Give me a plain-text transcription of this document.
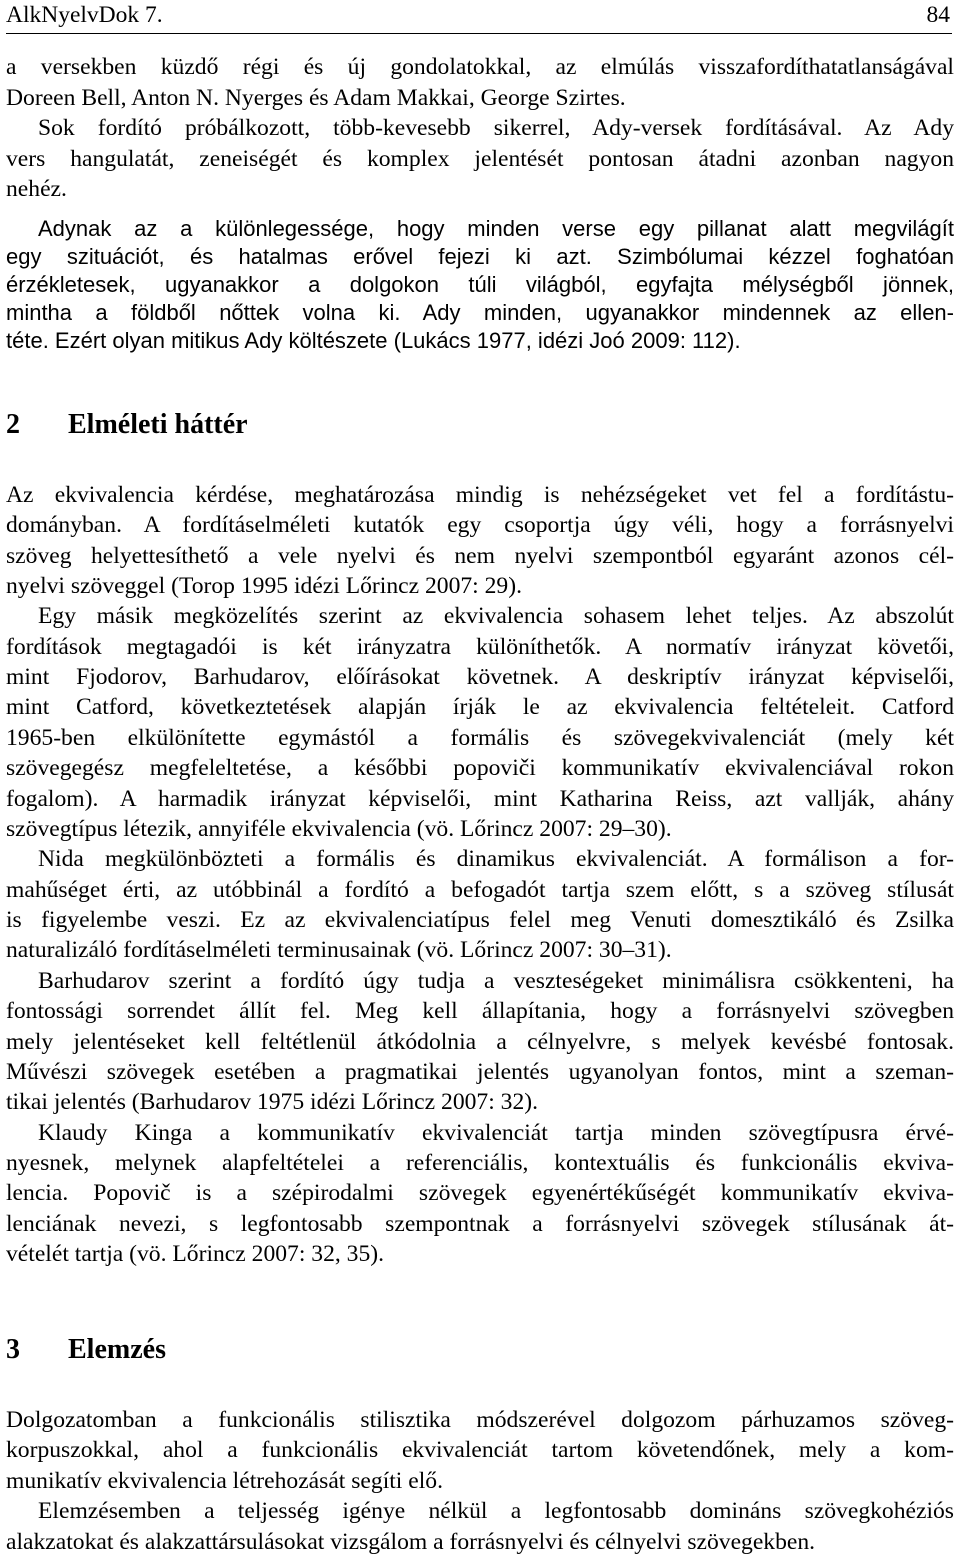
AlkNyelvDok 7.	84
a versekben küzdő régi és új gondolatokkal, az elmúlás visszafordíthatatlanságával
Doreen Bell, Anton N. Nyerges és Adam Makkai, George Szirtes.
Sok fordító próbálkozott, több-kevesebb sikerrel, Ady-versek fordításával. Az Ady
vers hangulatát, zeneiségét és komplex jelentését pontosan átadni azonban nagyon
nehéz.
Adynak az a különlegessége, hogy minden verse egy pillanat alatt megvilágít
egy szituációt, és hatalmas erővel fejezi ki azt. Szimbólumai kézzel foghatóan
érzékletesek, ugyanakkor a dolgokon túli világból, egyfajta mélységből jönnek,
mintha a földből nőttek volna ki. Ady minden, ugyanakkor mindennek az ellen-
téte. Ezért olyan mitikus Ady költészete (Lukács 1977, idézi Joó 2009: 112).
2 Elméleti háttér
Az ekvivalencia kérdése, meghatározása mindig is nehézségeket vet fel a fordítástu-
dományban. A fordításelméleti kutatók egy csoportja úgy véli, hogy a forrásnyelvi
szöveg helyettesíthető a vele nyelvi és nem nyelvi szempontból egyaránt azonos cél-
nyelvi szöveggel (Torop 1995 idézi Lőrincz 2007: 29).
Egy másik megközelítés szerint az ekvivalencia sohasem lehet teljes. Az abszolút
fordítások megtagadói is két irányzatra különíthetők. A normatív irányzat követői,
mint Fjodorov, Barhudarov, előírásokat követnek. A deskriptív irányzat képviselői,
mint Catford, következtetések alapján írják le az ekvivalencia feltételeit. Catford
1965-ben elkülönítette egymástól a formális és szövegekvivalenciát (mely két
szövegegész megfeleltetése, a későbbi popoviči kommunikatív ekvivalenciával rokon
fogalom). A harmadik irányzat képviselői, mint Katharina Reiss, azt vallják, ahány
szövegtípus létezik, annyiféle ekvivalencia (vö. Lőrincz 2007: 29–30).
Nida megkülönbözteti a formális és dinamikus ekvivalenciát. A formálison a for-
mahűséget érti, az utóbbinál a fordító a befogadót tartja szem előtt, s a szöveg stílusát
is figyelembe veszi. Ez az ekvivalenciatípus felel meg Venuti domesztikáló és Zsilka
naturalizáló fordításelméleti terminusainak (vö. Lőrincz 2007: 30–31).
Barhudarov szerint a fordító úgy tudja a veszteségeket minimálisra csökkenteni, ha
fontossági sorrendet állít fel. Meg kell állapítania, hogy a forrásnyelvi szövegben
mely jelentéseket kell feltétlenül átkódolnia a célnyelvre, s melyek kevésbé fontosak.
Művészi szövegek esetében a pragmatikai jelentés ugyanolyan fontos, mint a szeman-
tikai jelentés (Barhudarov 1975 idézi Lőrincz 2007: 32).
Klaudy Kinga a kommunikatív ekvivalenciát tartja minden szövegtípusra érvé-
nyesnek, melynek alapfeltételei a referenciális, kontextuális és funkcionális ekviva-
lencia. Popovič is a szépirodalmi szövegek egyenértékűségét kommunikatív ekviva-
lenciának nevezi, s legfontosabb szempontnak a forrásnyelvi szövegek stílusának át-
vételét tartja (vö. Lőrincz 2007: 32, 35).
3 Elemzés
Dolgozatomban a funkcionális stilisztika módszerével dolgozom párhuzamos szöveg-
korpuszokkal, ahol a funkcionális ekvivalenciát tartom követendőnek, mely a kom-
munikatív ekvivalencia létrehozását segíti elő.
Elemzésemben a teljesség igénye nélkül a legfontosabb domináns szövegkohéziós
alakzatokat és alakzattársulásokat vizsgálom a forrásnyelvi és célnyelvi szövegekben.
